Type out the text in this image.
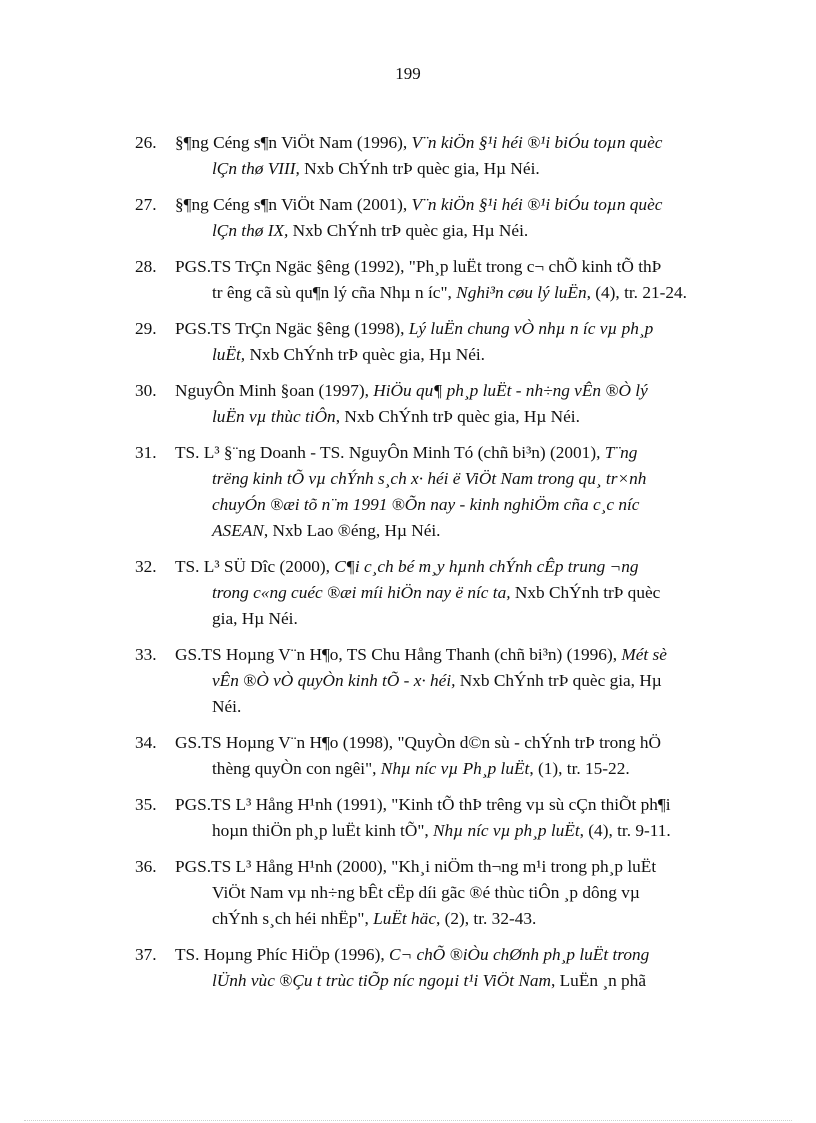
199
26.	§¶ng Céng s¶n ViÖt Nam (1996), V¨n kiÖn §¹i héi ®¹i biÓu toµn quèc
lÇn thø VIII, Nxb ChÝnh trÞ quèc gia, Hµ Néi.
27.	§¶ng Céng s¶n ViÖt Nam (2001), V¨n kiÖn §¹i héi ®¹i biÓu toµn quèc
lÇn thø IX, Nxb ChÝnh trÞ quèc gia, Hµ Néi.
28.	PGS.TS TrÇn Ngäc §êng (1992), "Ph¸p luËt trong c¬ chÕ kinh tÕ thÞ
tr êng cã sù qu¶n lý cña Nhµ n íc", Nghi³n cøu lý luËn, (4), tr. 21-24.
29.	PGS.TS TrÇn Ngäc §êng (1998), Lý luËn chung vÒ nhµ n íc vµ ph¸p
luËt, Nxb ChÝnh trÞ quèc gia, Hµ Néi.
30.	NguyÔn Minh §oan (1997), HiÖu qu¶ ph¸p luËt - nh÷ng vÊn ®Ò lý
luËn vµ thùc tiÔn, Nxb ChÝnh trÞ quèc gia, Hµ Néi.
31.	TS. L³ §¨ng Doanh - TS. NguyÔn Minh Tó (chñ bi³n) (2001), T¨ng
trëng kinh tÕ vµ chÝnh s¸ch x· héi ë ViÖt Nam trong qu¸ tr×nh
chuyÓn ®æi tõ n¨m 1991 ®Õn nay - kinh nghiÖm cña c¸c níc
ASEAN, Nxb Lao ®éng, Hµ Néi.
32.	TS. L³ SÜ Dîc (2000), C¶i c¸ch bé m¸y hµnh chÝnh cÊp trung ¬ng
trong c«ng cuéc ®æi míi hiÖn nay ë níc ta, Nxb ChÝnh trÞ quèc
gia, Hµ Néi.
33.	GS.TS Hoµng V¨n H¶o, TS Chu Hång Thanh (chñ bi³n) (1996), Mét sè
vÊn ®Ò vÒ quyÒn kinh tÕ - x· héi, Nxb ChÝnh trÞ quèc gia, Hµ
Néi.
34.	GS.TS Hoµng V¨n H¶o (1998), "QuyÒn d©n sù - chÝnh trÞ trong hÖ
thèng quyÒn con ngêi", Nhµ níc vµ Ph¸p luËt, (1), tr. 15-22.
35.	PGS.TS L³ Hång H¹nh (1991), "Kinh tÕ thÞ trêng vµ sù cÇn thiÕt ph¶i
hoµn thiÖn ph¸p luËt kinh tÕ", Nhµ níc vµ ph¸p luËt, (4), tr. 9-11.
36.	PGS.TS L³ Hång H¹nh (2000), "Kh¸i niÖm th¬ng m¹i trong ph¸p luËt
ViÖt Nam vµ nh÷ng bÊt cËp díi gãc ®é thùc tiÔn ¸p dông vµ
chÝnh s¸ch héi nhËp", LuËt häc, (2), tr. 32-43.
37.	TS. Hoµng Phíc HiÖp (1996), C¬ chÕ ®iÒu chØnh ph¸p luËt trong
lÜnh vùc ®Çu t trùc tiÕp níc ngoµi t¹i ViÖt Nam, LuËn ¸n phã
